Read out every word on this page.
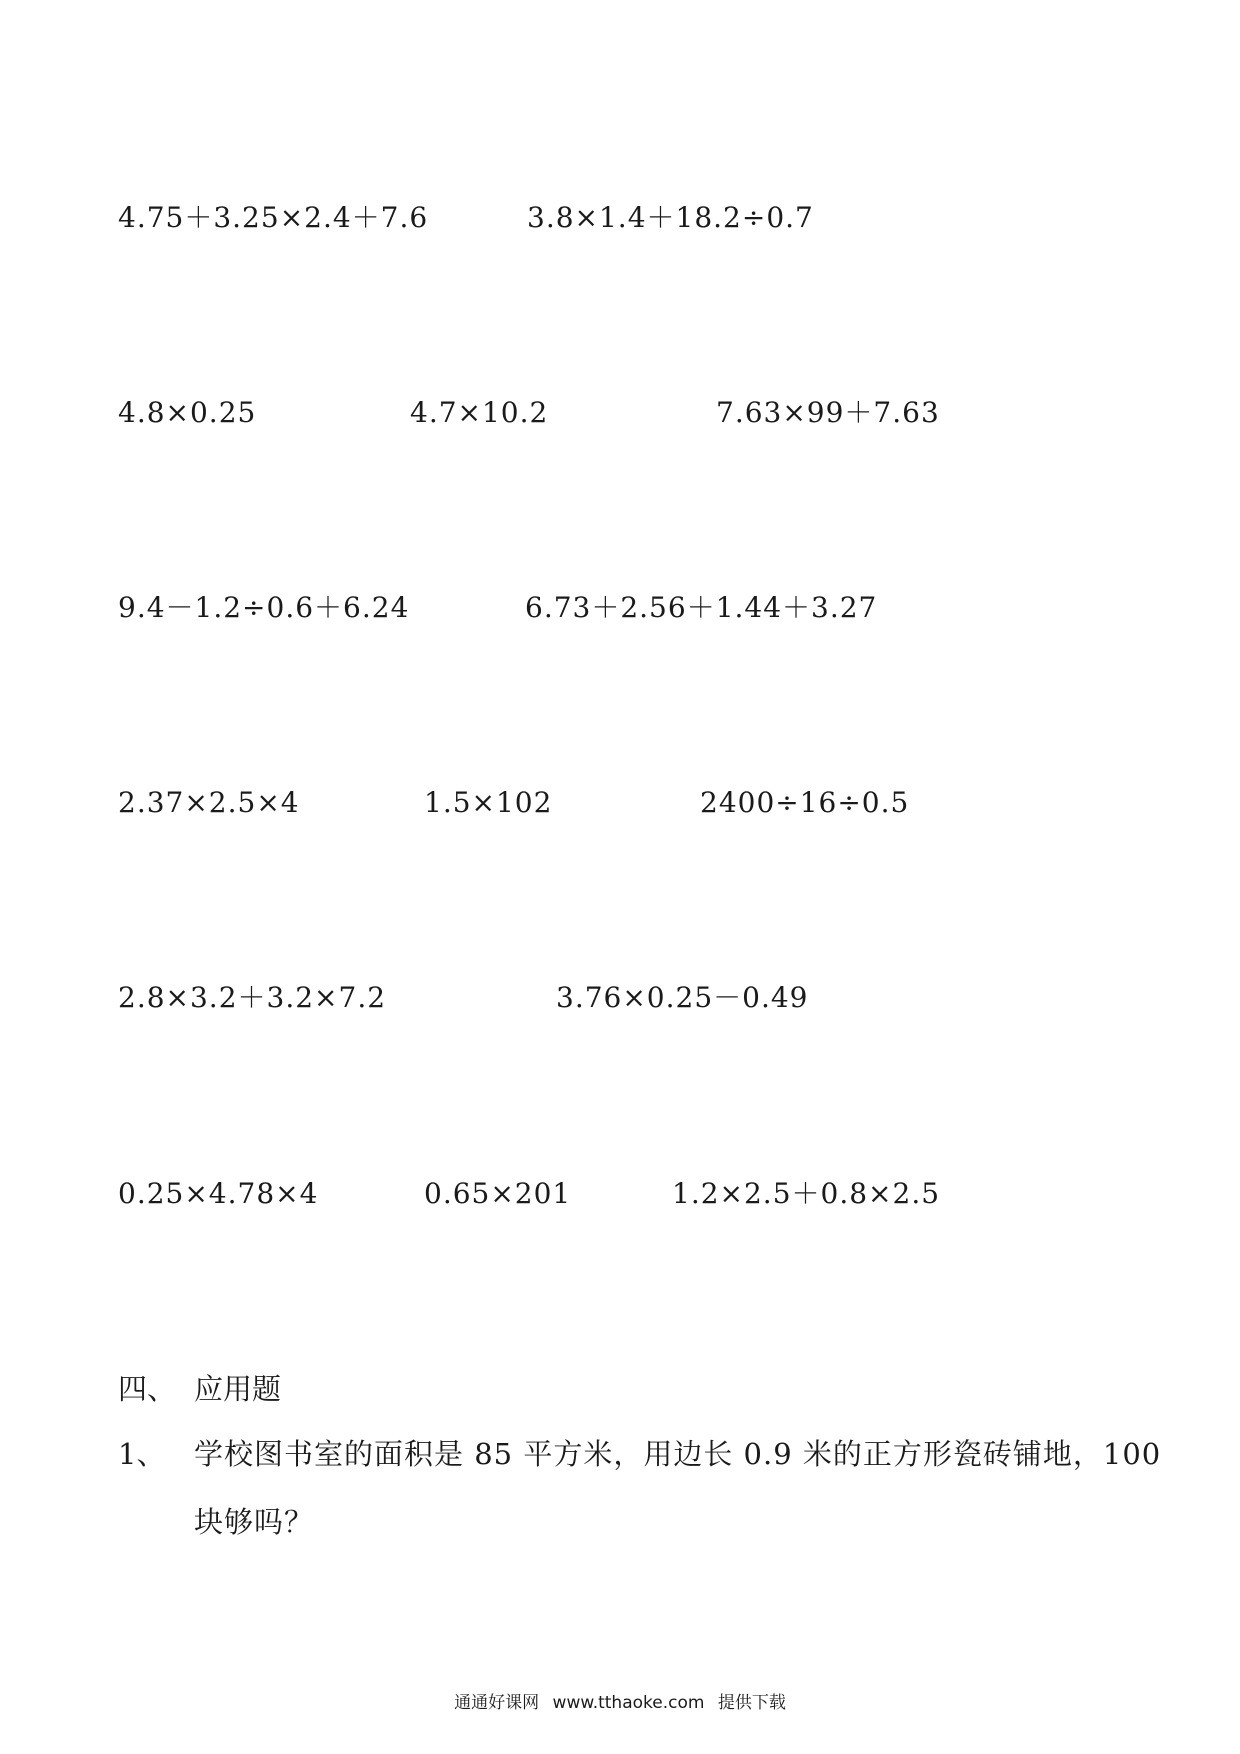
4.75＋3.25×2.4＋7.6	3.8×1.4＋18.2÷0.7
4.8×0.25	4.7×10.2	7.63×99＋7.63
9.4－1.2÷0.6＋6.24	6.73＋2.56＋1.44＋3.27
2.37×2.5×4	1.5×102	2400÷16÷0.5
2.8×3.2＋3.2×7.2	3.76×0.25－0.49
0.25×4.78×4	0.65×201	1.2×2.5＋0.8×2.5
四、 应用题
1、 学校图书室的面积是 85 平方米，用边长 0.9 米的正方形瓷砖铺地，100
块够吗？
通通好课网 www.tthaoke.com 提供下载
